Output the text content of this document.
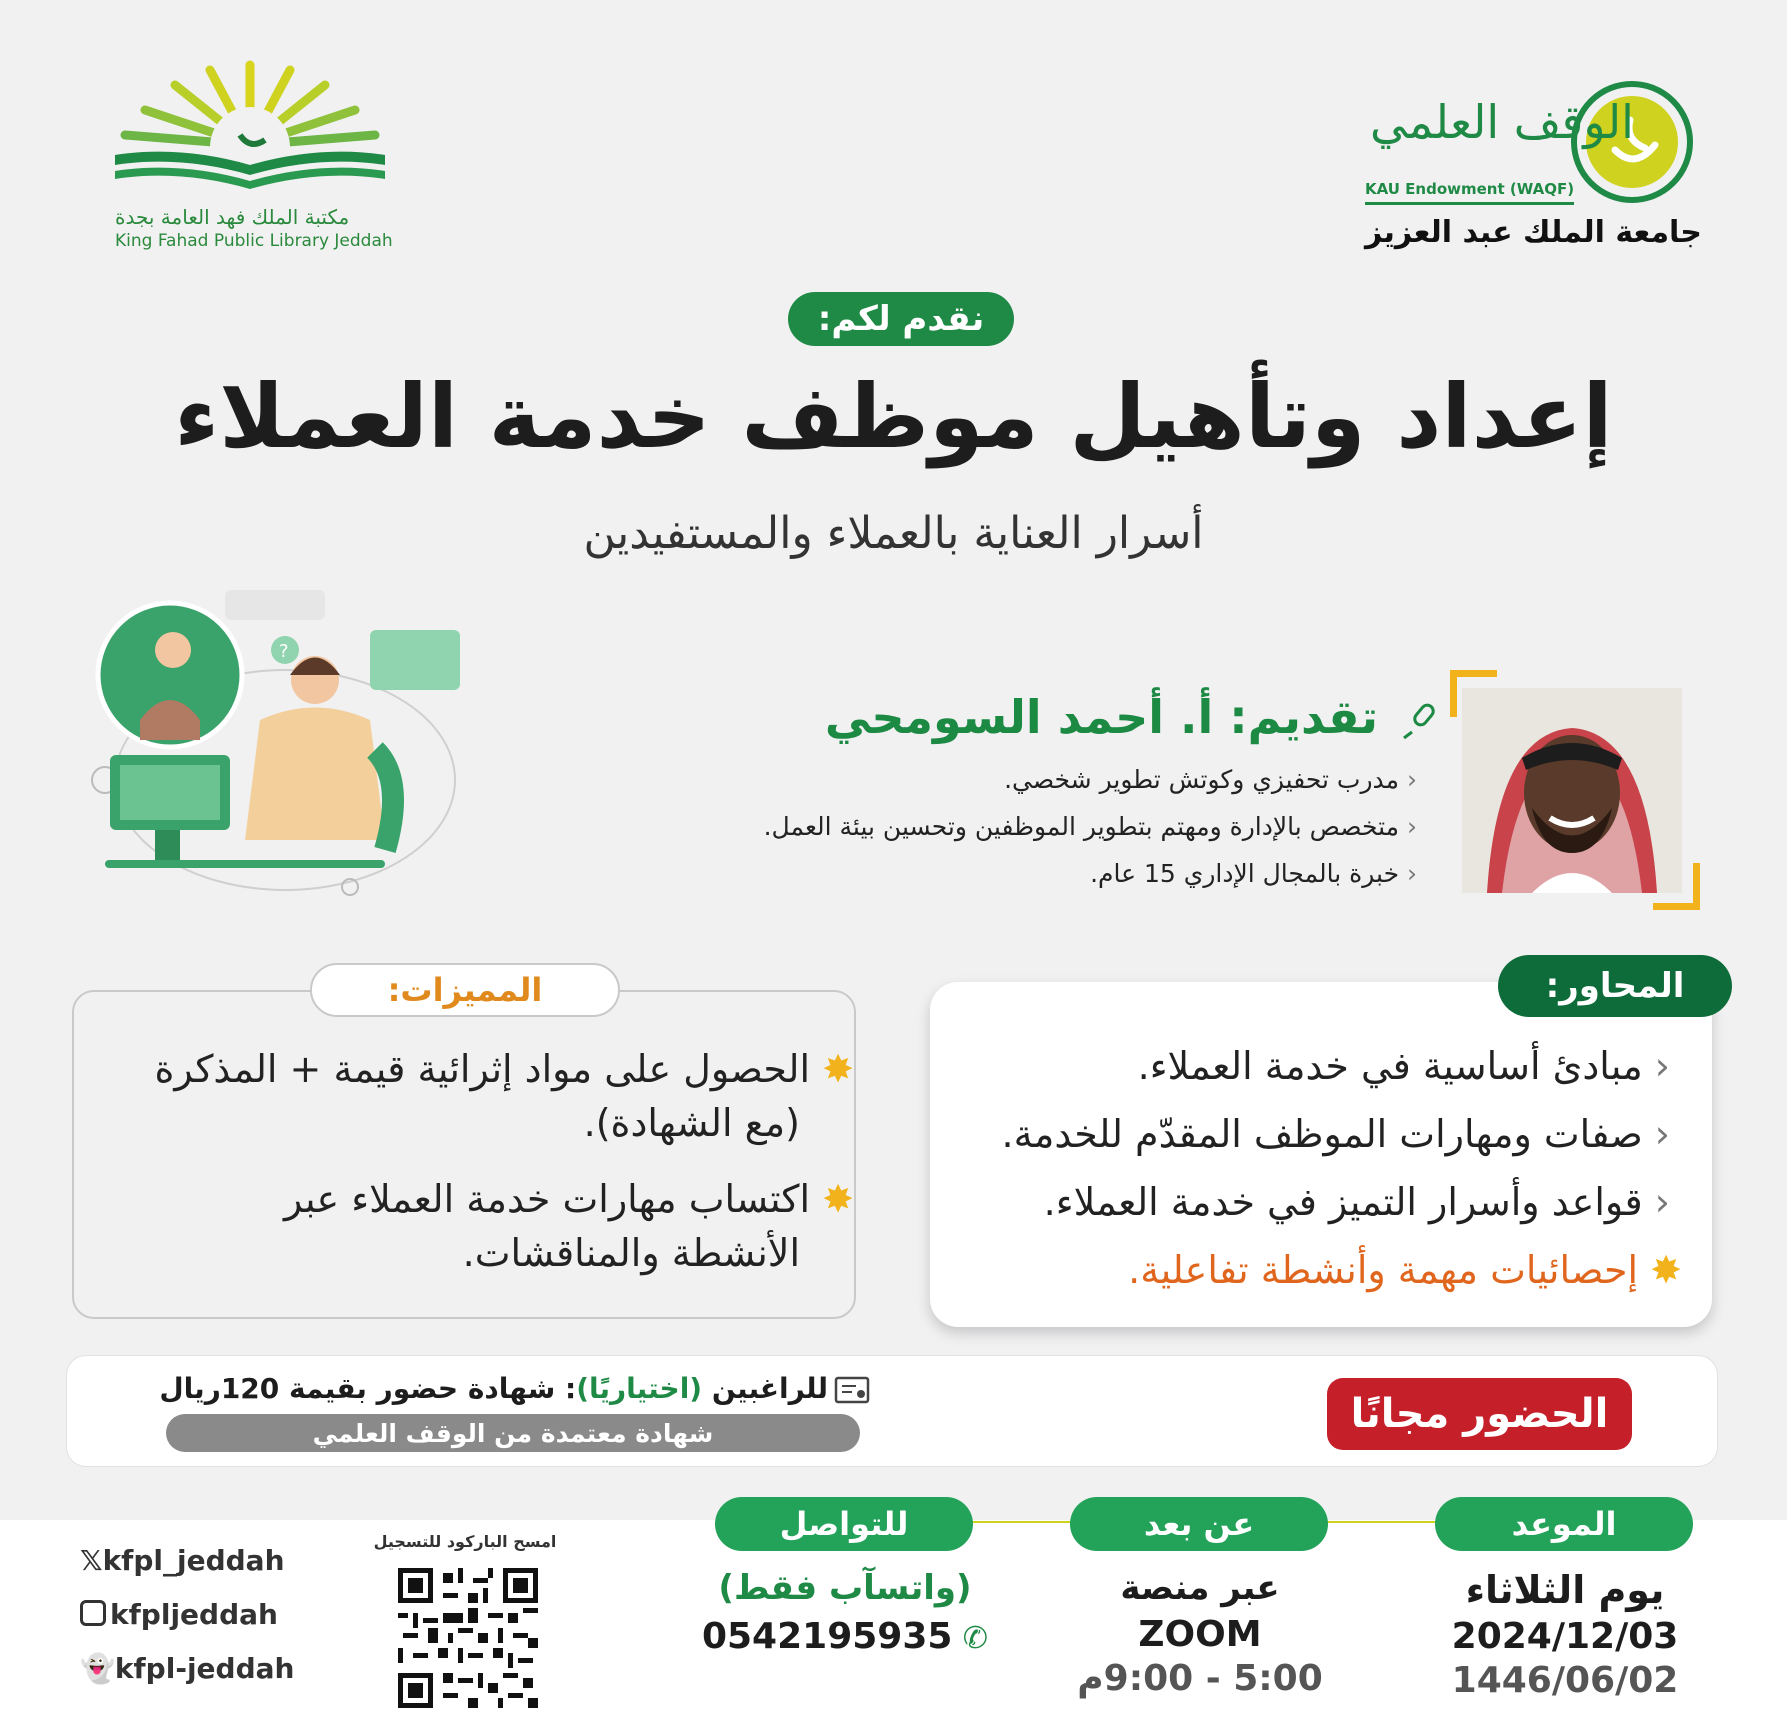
مكتبة الملك فهد العامة بجدة
King Fahad Public Library Jeddah
الوقف العلمي
KAU Endowment (WAQF)
جامعة الملك عبد العزيز
نقدم لكم:
إعداد وتأهيل موظف خدمة العملاء
أسرار العناية بالعملاء والمستفيدين
?
تقديم: أ. أحمد السومحي
‹ مدرب تحفيزي وكوتش تطوير شخصي.
‹ متخصص بالإدارة ومهتم بتطوير الموظفين وتحسين بيئة العمل.
‹ خبرة بالمجال الإداري 15 عام.
✸ الحصول على مواد إثرائية قيمة + المذكرة
(مع الشهادة).
✸ اكتساب مهارات خدمة العملاء عبر
الأنشطة والمناقشات.
المميزات:
‹ مبادئ أساسية في خدمة العملاء.
‹ صفات ومهارات الموظف المقدّم للخدمة.
‹ قواعد وأسرار التميز في خدمة العملاء.
✸ إحصائيات مهمة وأنشطة تفاعلية.
المحاور:
الحضور مجانًا
للراغبين (اختياريًا): شهادة حضور بقيمة 120ريال
شهادة معتمدة من الوقف العلمي
الموعد
يوم الثلاثاء
2024/12/03
1446/06/02
عن بعد
عبر منصة
ZOOM
5:00 - 9:00م
للتواصل
(واتسآب فقط)
0542195935 ✆
امسح الباركود للتسجيل
𝕏kfpl_jeddah
kfpljeddah
👻kfpl-jeddah
